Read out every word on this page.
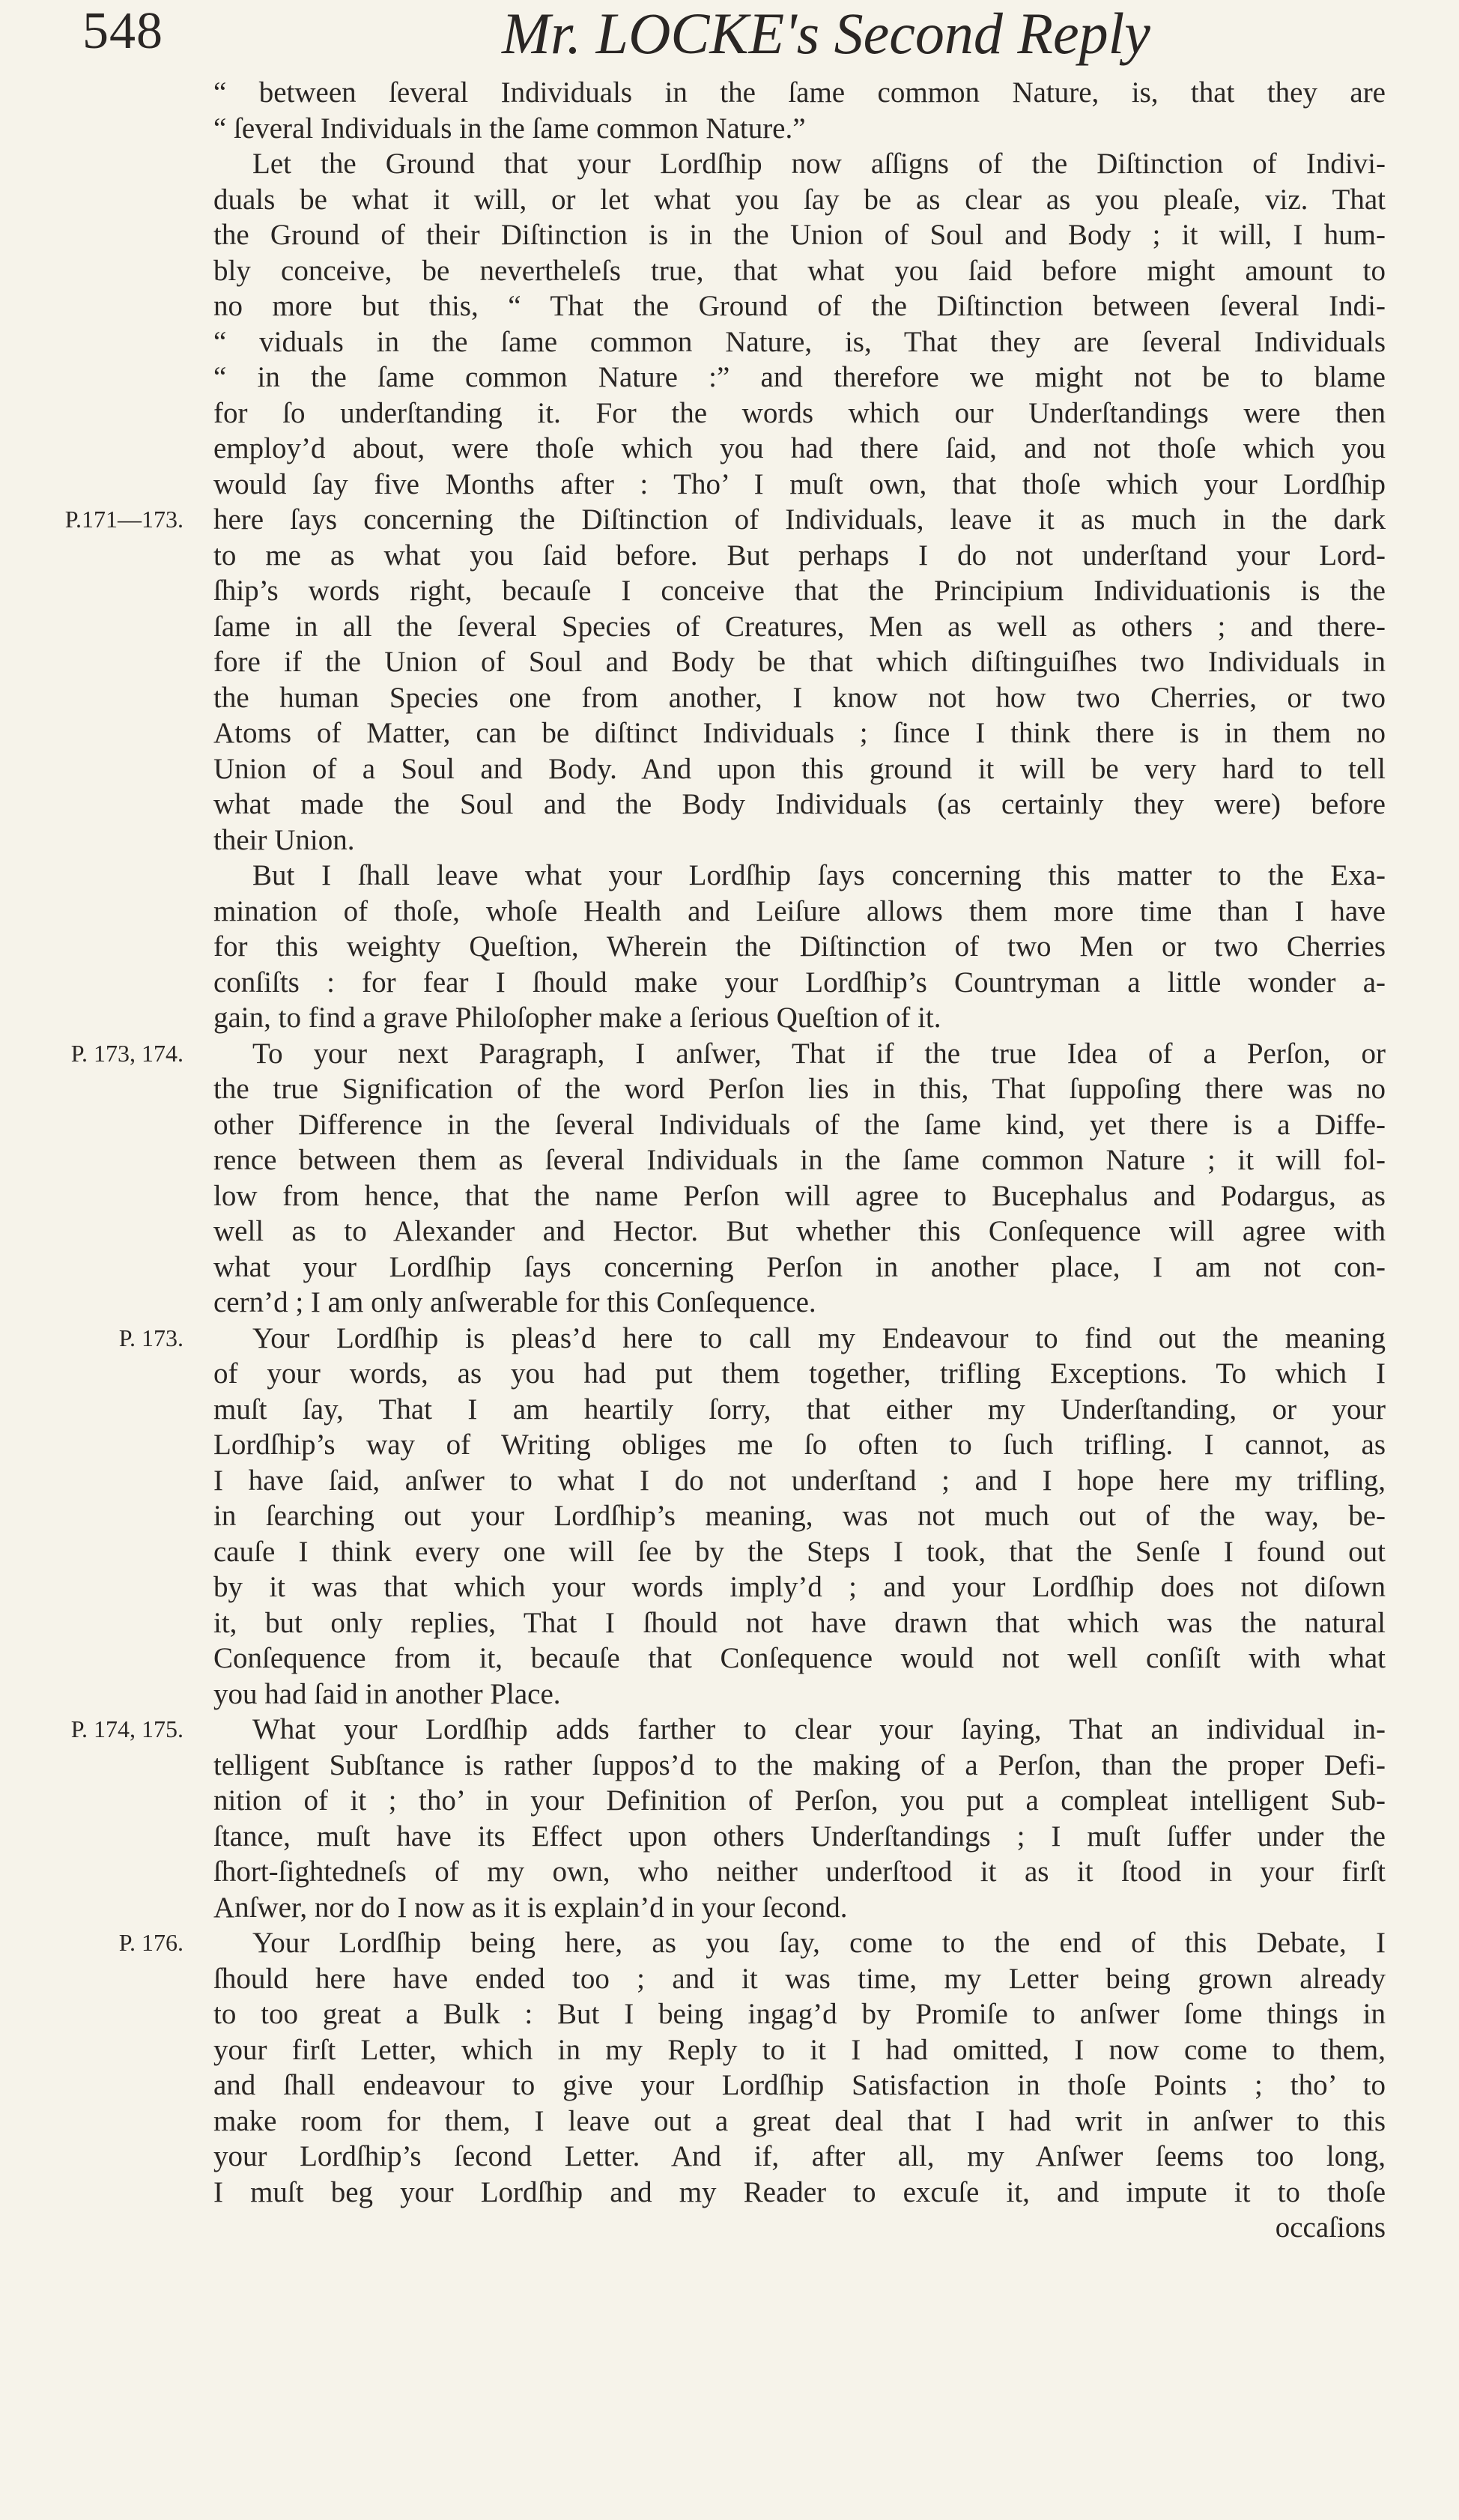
548	Mr. LOCKE's Second Reply
“ between ſeveral Individuals in the ſame common Nature, is, that they are
“ ſeveral Individuals in the ſame common Nature.”
Let the Ground that your Lordſhip now aſſigns of the Diſtinction of Indivi-
duals be what it will, or let what you ſay be as clear as you pleaſe, viz. That
the Ground of their Diſtinction is in the Union of Soul and Body ; it will, I hum-
bly conceive, be nevertheleſs true, that what you ſaid before might amount to
no more but this, “ That the Ground of the Diſtinction between ſeveral Indi-
“ viduals in the ſame common Nature, is, That they are ſeveral Individuals
“ in the ſame common Nature :” and therefore we might not be to blame
for ſo underſtanding it. For the words which our Underſtandings were then
employ’d about, were thoſe which you had there ſaid, and not thoſe which you
would ſay five Months after : Tho’ I muſt own, that thoſe which your Lordſhip
here ſays concerning the Diſtinction of Individuals, leave it as much in the dark
P.171—173.
to me as what you ſaid before. But perhaps I do not underſtand your Lord-
ſhip’s words right, becauſe I conceive that the Principium Individuationis is the
ſame in all the ſeveral Species of Creatures, Men as well as others ; and there-
fore if the Union of Soul and Body be that which diſtinguiſhes two Individuals in
the human Species one from another, I know not how two Cherries, or two
Atoms of Matter, can be diſtinct Individuals ; ſince I think there is in them no
Union of a Soul and Body. And upon this ground it will be very hard to tell
what made the Soul and the Body Individuals (as certainly they were) before
their Union.
But I ſhall leave what your Lordſhip ſays concerning this matter to the Exa-
mination of thoſe, whoſe Health and Leiſure allows them more time than I have
for this weighty Queſtion, Wherein the Diſtinction of two Men or two Cherries
conſiſts : for fear I ſhould make your Lordſhip’s Countryman a little wonder a-
gain, to find a grave Philoſopher make a ſerious Queſtion of it.
To your next Paragraph, I anſwer, That if the true Idea of a Perſon, or
P. 173, 174.
the true Signification of the word Perſon lies in this, That ſuppoſing there was no
other Difference in the ſeveral Individuals of the ſame kind, yet there is a Diffe-
rence between them as ſeveral Individuals in the ſame common Nature ; it will fol-
low from hence, that the name Perſon will agree to Bucephalus and Podargus, as
well as to Alexander and Hector. But whether this Conſequence will agree with
what your Lordſhip ſays concerning Perſon in another place, I am not con-
cern’d ; I am only anſwerable for this Conſequence.
Your Lordſhip is pleas’d here to call my Endeavour to find out the meaning
P. 173.
of your words, as you had put them together, trifling Exceptions. To which I
muſt ſay, That I am heartily ſorry, that either my Underſtanding, or your
Lordſhip’s way of Writing obliges me ſo often to ſuch trifling. I cannot, as
I have ſaid, anſwer to what I do not underſtand ; and I hope here my trifling,
in ſearching out your Lordſhip’s meaning, was not much out of the way, be-
cauſe I think every one will ſee by the Steps I took, that the Senſe I found out
by it was that which your words imply’d ; and your Lordſhip does not diſown
it, but only replies, That I ſhould not have drawn that which was the natural
Conſequence from it, becauſe that Conſequence would not well conſiſt with what
you had ſaid in another Place.
What your Lordſhip adds farther to clear your ſaying, That an individual in-
P. 174, 175.
telligent Subſtance is rather ſuppos’d to the making of a Perſon, than the proper Defi-
nition of it ; tho’ in your Definition of Perſon, you put a compleat intelligent Sub-
ſtance, muſt have its Effect upon others Underſtandings ; I muſt ſuffer under the
ſhort-ſightedneſs of my own, who neither underſtood it as it ſtood in your firſt
Anſwer, nor do I now as it is explain’d in your ſecond.
Your Lordſhip being here, as you ſay, come to the end of this Debate, I
P. 176.
ſhould here have ended too ; and it was time, my Letter being grown already
to too great a Bulk : But I being ingag’d by Promiſe to anſwer ſome things in
your firſt Letter, which in my Reply to it I had omitted, I now come to them,
and ſhall endeavour to give your Lordſhip Satisfaction in thoſe Points ; tho’ to
make room for them, I leave out a great deal that I had writ in anſwer to this
your Lordſhip’s ſecond Letter. And if, after all, my Anſwer ſeems too long,
I muſt beg your Lordſhip and my Reader to excuſe it, and impute it to thoſe
occaſions
